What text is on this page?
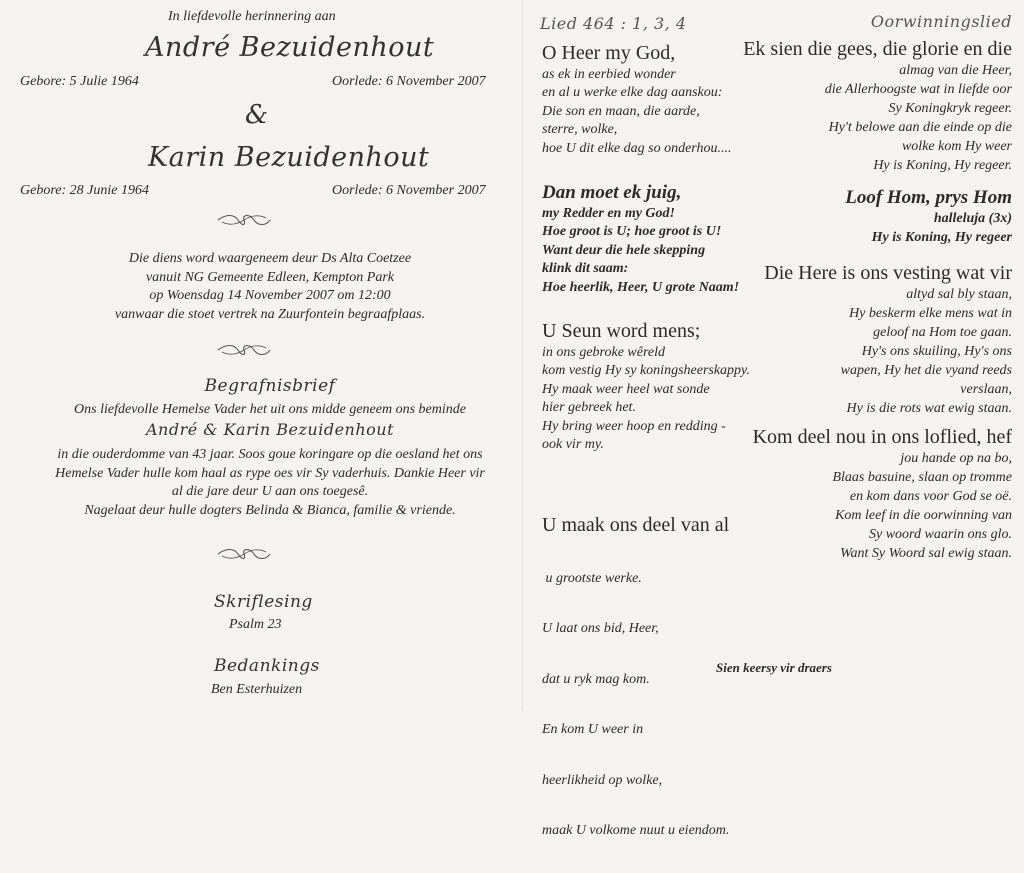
In liefdevolle herinnering aan
André Bezuidenhout
Gebore: 5 Julie 1964	Oorlede: 6 November 2007
&
Karin Bezuidenhout
Gebore: 28 Junie 1964	Oorlede: 6 November 2007
Die diens word waargeneem deur Ds Alta Coetzee
vanuit NG Gemeente Edleen, Kempton Park
op Woensdag 14 November 2007 om 12:00
vanwaar die stoet vertrek na Zuurfontein begraafplaas.
Begrafnisbrief
Ons liefdevolle Hemelse Vader het uit ons midde geneem ons beminde
André & Karin Bezuidenhout
in die ouderdomme van 43 jaar. Soos goue koringare op die oesland het ons
Hemelse Vader hulle kom haal as rype oes vir Sy vaderhuis. Dankie Heer vir
al die jare deur U aan ons toegesê.
Nagelaat deur hulle dogters Belinda & Bianca, familie & vriende.
Skriflesing
Psalm 23
Bedankings
Ben Esterhuizen
Lied 464 : 1, 3, 4
O Heer my God,
as ek in eerbied wonder
en al u werke elke dag aanskou:
Die son en maan, die aarde,
sterre, wolke,
hoe U dit elke dag so onderhou....
Dan moet ek juig,
my Redder en my God!
Hoe groot is U; hoe groot is U!
Want deur die hele skepping
klink dit saam:
Hoe heerlik, Heer, U grote Naam!
U Seun word mens;
in ons gebroke wêreld
kom vestig Hy sy koningsheerskappy.
Hy maak weer heel wat sonde
hier gebreek het.
Hy bring weer hoop en redding -
ook vir my.

U maak ons deel van al

u grootste werke.

U laat ons bid, Heer,

dat u ryk mag kom.

En kom U weer in

heerlikheid op wolke,

maak U volkome nuut u eiendom.

Oorwinningslied
Ek sien die gees, die glorie en die
almag van die Heer,
die Allerhoogste wat in liefde oor
Sy Koningkryk regeer.
Hy't belowe aan die einde op die
wolke kom Hy weer
Hy is Koning, Hy regeer.
Loof Hom, prys Hom
halleluja (3x)
Hy is Koning, Hy regeer
Die Here is ons vesting wat vir
altyd sal bly staan,
Hy beskerm elke mens wat in
geloof na Hom toe gaan.
Hy's ons skuiling, Hy's ons
wapen, Hy het die vyand reeds
verslaan,
Hy is die rots wat ewig staan.
Kom deel nou in ons loflied, hef
jou hande op na bo,
Blaas basuine, slaan op tromme
en kom dans voor God se oë.
Kom leef in die oorwinning van
Sy woord waarin ons glo.
Want Sy Woord sal ewig staan.
Sien keersy vir draers
